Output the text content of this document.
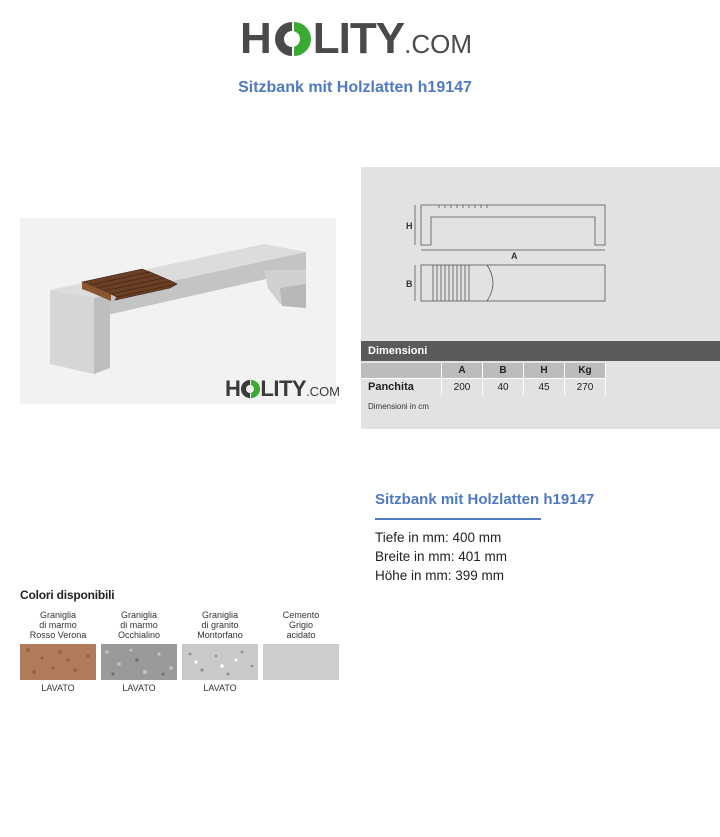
H LITY .COM
Sitzbank mit Holzlatten h19147
H LITY .COM
H
A
B
Dimensioni
	A	B	H	Kg
Panchita	200	40	45	270
Dimensioni in cm
Sitzbank mit Holzlatten h19147
Tiefe in mm: 400 mm
Breite in mm: 401 mm
Höhe in mm: 399 mm
Colori disponibili
Graniglia
di marmo
Rosso Verona
LAVATO
Graniglia
di marmo
Occhialino
LAVATO
Graniglia
di granito
Montorfano
LAVATO
Cemento
Grigio
acidato
